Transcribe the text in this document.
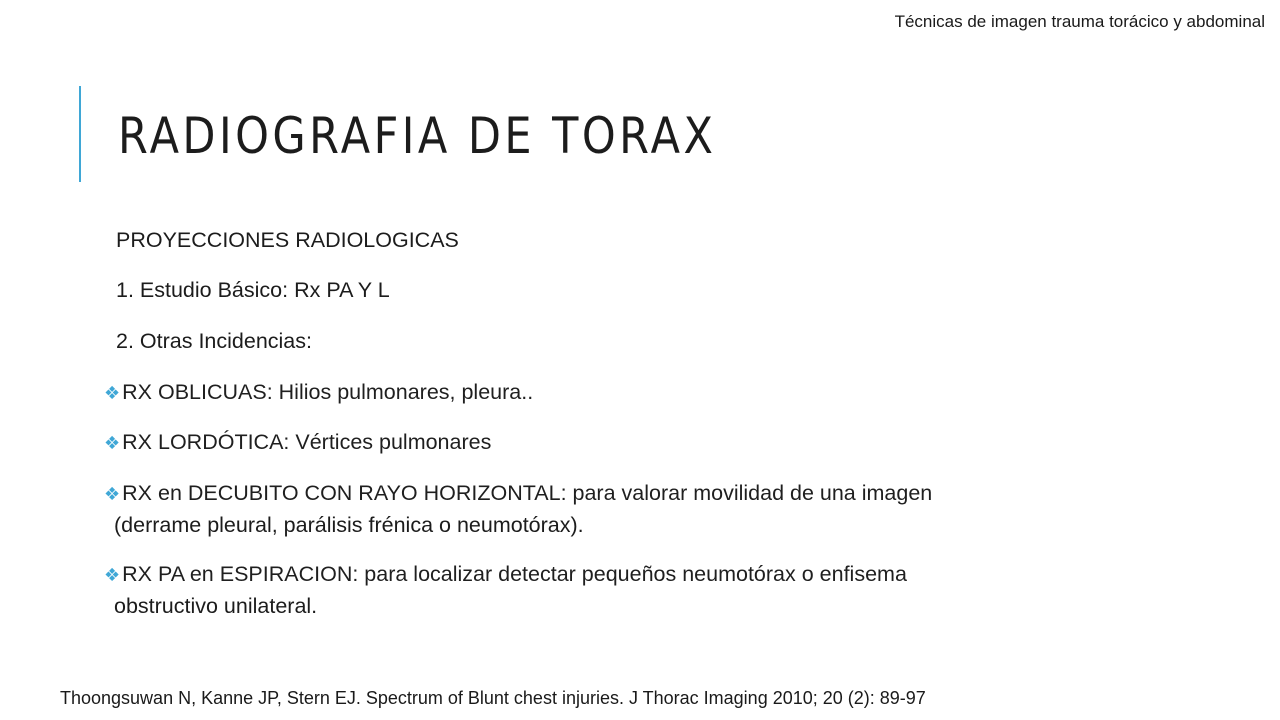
Técnicas de imagen trauma torácico y abdominal
RADIOGRAFIA DE TORAX
PROYECCIONES RADIOLOGICAS
1. Estudio Básico: Rx PA Y L
2. Otras Incidencias:
❖RX OBLICUAS: Hilios pulmonares, pleura..
❖RX LORDÓTICA: Vértices pulmonares
❖RX en DECUBITO CON RAYO HORIZONTAL: para valorar movilidad de una imagen
(derrame pleural, parálisis frénica o neumotórax).
❖RX PA en ESPIRACION: para localizar detectar pequeños neumotórax o enfisema
obstructivo unilateral.
Thoongsuwan N, Kanne JP, Stern EJ. Spectrum of Blunt chest injuries. J Thorac Imaging 2010; 20 (2): 89-97
